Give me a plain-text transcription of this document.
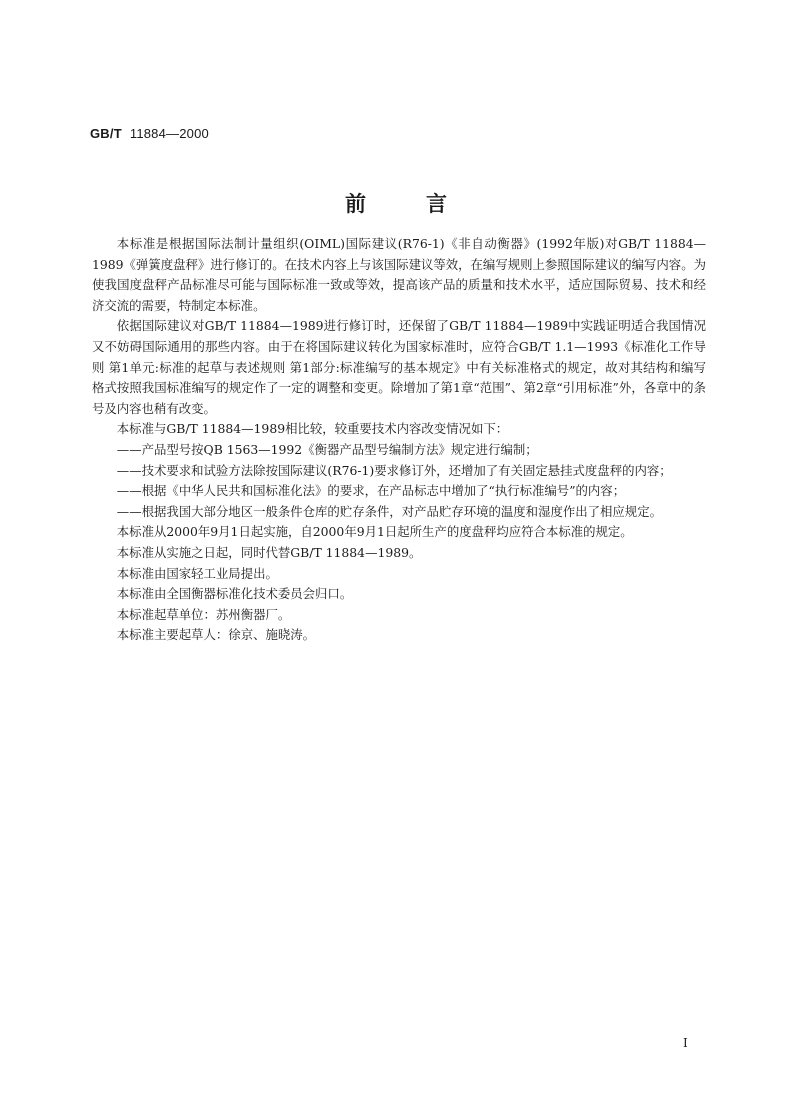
GB/T 11884—2000
前言

本标准是根据国际法制计量组织(OIML)国际建议(R76-1)《非自动衡器》(1992年版)对GB/T 11884—1989《弹簧度盘秤》进行修订的。在技术内容上与该国际建议等效，在编写规则上参照国际建议的编写内容。为使我国度盘秤产品标准尽可能与国际标准一致或等效，提高该产品的质量和技术水平，适应国际贸易、技术和经济交流的需要，特制定本标准。

依据国际建议对GB/T 11884—1989进行修订时，还保留了GB/T 11884—1989中实践证明适合我国情况又不妨碍国际通用的那些内容。由于在将国际建议转化为国家标准时，应符合GB/T 1.1—1993《标准化工作导则 第1单元:标准的起草与表述规则 第1部分:标准编写的基本规定》中有关标准格式的规定，故对其结构和编写格式按照我国标准编写的规定作了一定的调整和变更。除增加了第1章“范围”、第2章“引用标准”外，各章中的条号及内容也稍有改变。

本标准与GB/T 11884—1989相比较，较重要技术内容改变情况如下：

——产品型号按QB 1563—1992《衡器产品型号编制方法》规定进行编制；

——技术要求和试验方法除按国际建议(R76-1)要求修订外，还增加了有关固定悬挂式度盘秤的内容；

——根据《中华人民共和国标准化法》的要求，在产品标志中增加了“执行标准编号”的内容；

——根据我国大部分地区一般条件仓库的贮存条件，对产品贮存环境的温度和湿度作出了相应规定。

本标准从2000年9月1日起实施，自2000年9月1日起所生产的度盘秤均应符合本标准的规定。

本标准从实施之日起，同时代替GB/T 11884—1989。

本标准由国家轻工业局提出。

本标准由全国衡器标准化技术委员会归口。

本标准起草单位：苏州衡器厂。

本标准主要起草人：徐京、施晓涛。

I
